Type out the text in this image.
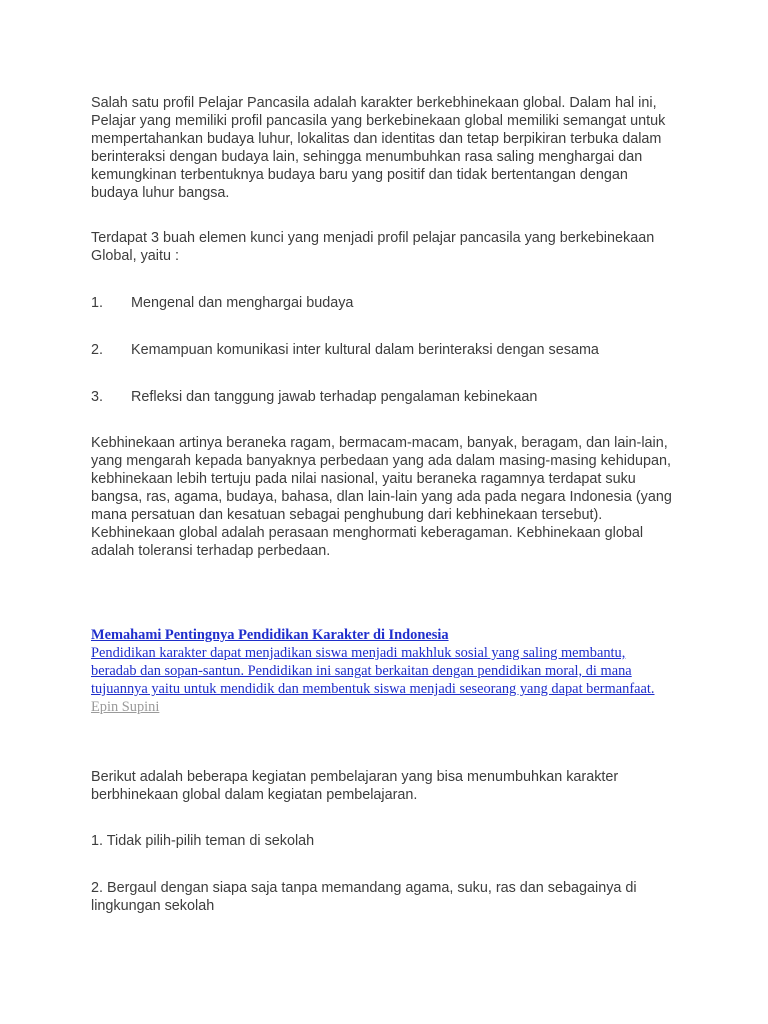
Salah satu profil Pelajar Pancasila adalah karakter berkebhinekaan global. Dalam hal ini, Pelajar yang memiliki profil pancasila yang berkebinekaan global memiliki semangat untuk mempertahankan budaya luhur, lokalitas dan identitas dan tetap berpikiran terbuka dalam berinteraksi dengan budaya lain, sehingga menumbuhkan rasa saling menghargai dan kemungkinan terbentuknya budaya baru yang positif dan tidak bertentangan dengan budaya luhur bangsa.

Terdapat 3 buah elemen kunci yang menjadi profil pelajar pancasila yang berkebinekaan Global, yaitu :

1. Mengenal dan menghargai budaya

2. Kemampuan komunikasi inter kultural dalam berinteraksi dengan sesama

3. Refleksi dan tanggung jawab terhadap pengalaman kebinekaan

Kebhinekaan artinya beraneka ragam, bermacam-macam, banyak, beragam, dan lain-lain, yang mengarah kepada banyaknya perbedaan yang ada dalam masing-masing kehidupan, kebhinekaan lebih tertuju pada nilai nasional, yaitu beraneka ragamnya terdapat suku bangsa, ras, agama, budaya, bahasa, dlan lain-lain yang ada pada negara Indonesia (yang mana persatuan dan kesatuan sebagai penghubung dari kebhinekaan tersebut). Kebhinekaan global adalah perasaan menghormati keberagaman. Kebhinekaan global adalah toleransi terhadap perbedaan.

Memahami Pentingnya Pendidikan Karakter di Indonesia
Pendidikan karakter dapat menjadikan siswa menjadi makhluk sosial yang saling membantu, beradab dan sopan-santun. Pendidikan ini sangat berkaitan dengan pendidikan moral, di mana tujuannya yaitu untuk mendidik dan membentuk siswa menjadi seseorang yang dapat bermanfaat.
Epin Supini

Berikut adalah beberapa kegiatan pembelajaran yang bisa menumbuhkan karakter berbhinekaan global dalam kegiatan pembelajaran.

1. Tidak pilih-pilih teman di sekolah

2. Bergaul dengan siapa saja tanpa memandang agama, suku, ras dan sebagainya di lingkungan sekolah
